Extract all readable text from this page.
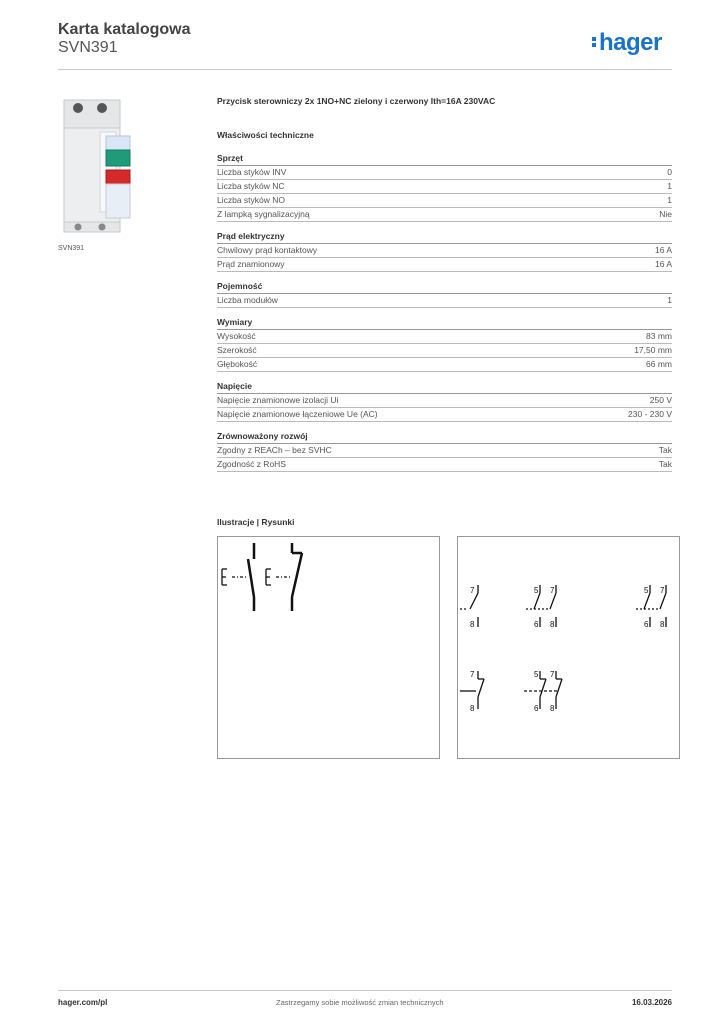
Karta katalogowa
SVN391	hager
SVN391
Przycisk sterowniczy 2x 1NO+NC zielony i czerwony Ith=16A 230VAC
Właściwości techniczne
Sprzęt
Liczba styków INV	0
Liczba styków NC	1
Liczba styków NO	1
Z lampką sygnalizacyjną	Nie
Prąd elektryczny
Chwilowy prąd kontaktowy	16 A
Prąd znamionowy	16 A
Pojemność
Liczba modułów	1
Wymiary
Wysokość	83 mm
Szerokość	17,50 mm
Głębokość	66 mm
Napięcie
Napięcie znamionowe izolacji Ui	250 V
Napięcie znamionowe łączeniowe Ue (AC)	230 - 230 V
Zrównoważony rozwój
Zgodny z REACh – bez SVHC	Tak
Zgodność z RoHS	Tak
Ilustracje | Rysunki
7
8
5 7
6 8
5 7
6 8
7
8
5 7
6 8
hager.com/pl	Zastrzegamy sobie możliwość zmian technicznych	16.03.2026
